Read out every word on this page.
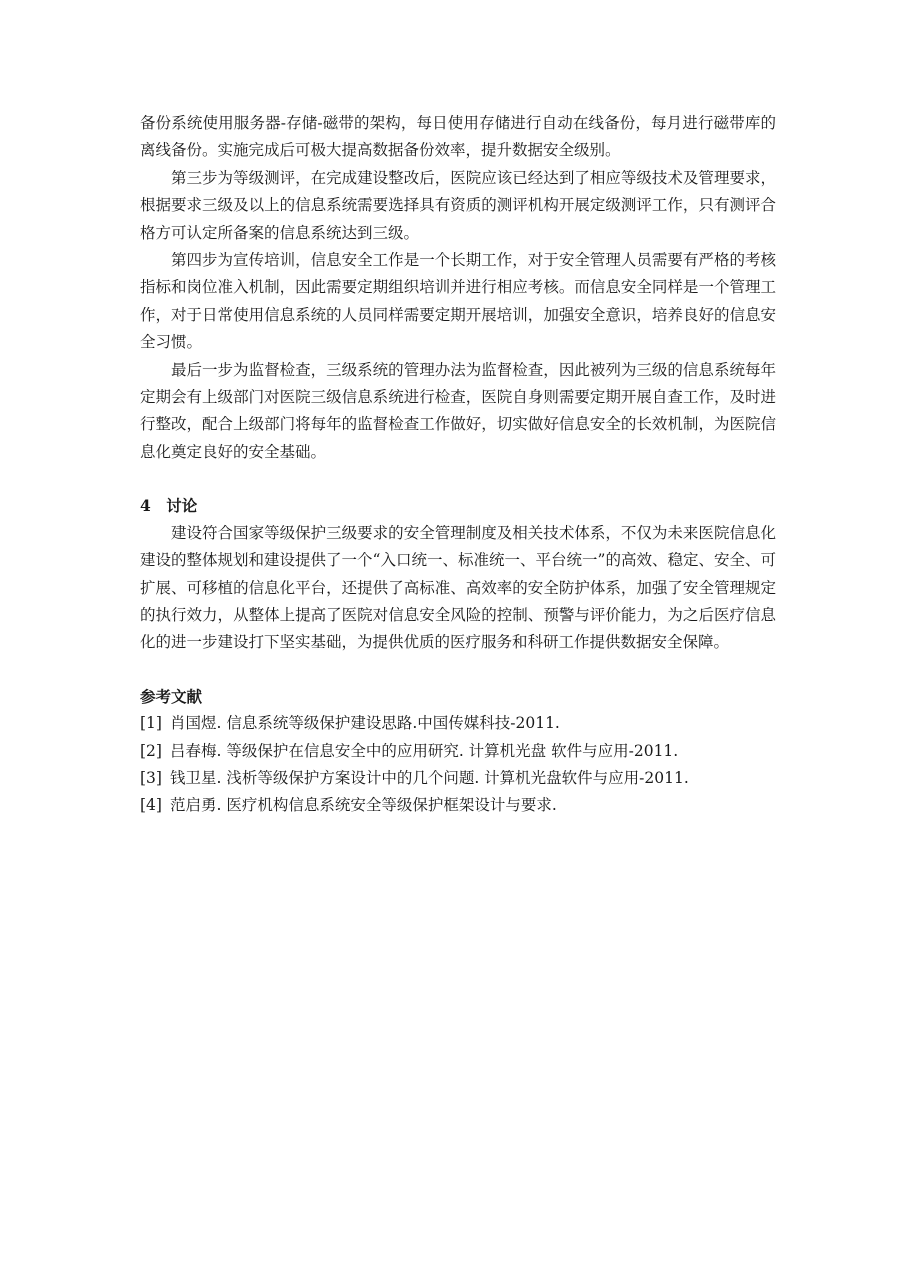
备份系统使用服务器-存储-磁带的架构，每日使用存储进行自动在线备份，每月进行磁带库的离线备份。实施完成后可极大提高数据备份效率，提升数据安全级别。

第三步为等级测评，在完成建设整改后，医院应该已经达到了相应等级技术及管理要求，根据要求三级及以上的信息系统需要选择具有资质的测评机构开展定级测评工作，只有测评合格方可认定所备案的信息系统达到三级。

第四步为宣传培训，信息安全工作是一个长期工作，对于安全管理人员需要有严格的考核指标和岗位准入机制，因此需要定期组织培训并进行相应考核。而信息安全同样是一个管理工作，对于日常使用信息系统的人员同样需要定期开展培训，加强安全意识，培养良好的信息安全习惯。

最后一步为监督检查，三级系统的管理办法为监督检查，因此被列为三级的信息系统每年定期会有上级部门对医院三级信息系统进行检查，医院自身则需要定期开展自查工作，及时进行整改，配合上级部门将每年的监督检查工作做好，切实做好信息安全的长效机制，为医院信息化奠定良好的安全基础。

4　讨论

建设符合国家等级保护三级要求的安全管理制度及相关技术体系，不仅为未来医院信息化建设的整体规划和建设提供了一个“入口统一、标准统一、平台统一”的高效、稳定、安全、可扩展、可移植的信息化平台，还提供了高标准、高效率的安全防护体系，加强了安全管理规定的执行效力，从整体上提高了医院对信息安全风险的控制、预警与评价能力，为之后医疗信息化的进一步建设打下坚实基础，为提供优质的医疗服务和科研工作提供数据安全保障。

参考文献
[1] 肖国煜. 信息系统等级保护建设思路.中国传媒科技-2011.
[2] 吕春梅. 等级保护在信息安全中的应用研究. 计算机光盘 软件与应用-2011.
[3] 钱卫星. 浅析等级保护方案设计中的几个问题. 计算机光盘软件与应用-2011.
[4] 范启勇. 医疗机构信息系统安全等级保护框架设计与要求.
